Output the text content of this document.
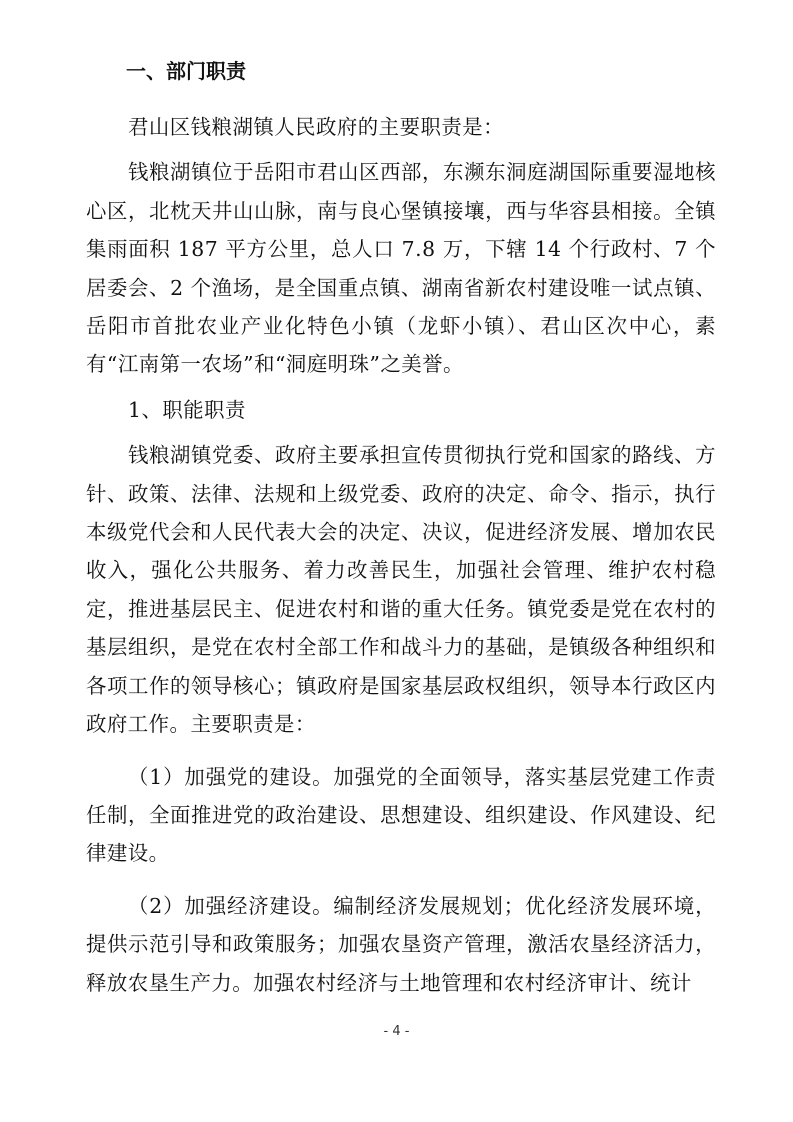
一、部门职责

君山区钱粮湖镇人民政府的主要职责是：

钱粮湖镇位于岳阳市君山区西部，东濒东洞庭湖国际重要湿地核心区，北枕天井山山脉，南与良心堡镇接壤，西与华容县相接。全镇集雨面积 187 平方公里，总人口 7.8 万，下辖 14 个行政村、7 个居委会、2 个渔场，是全国重点镇、湖南省新农村建设唯一试点镇、岳阳市首批农业产业化特色小镇（龙虾小镇）、君山区次中心，素有“江南第一农场”和“洞庭明珠”之美誉。

1、职能职责

钱粮湖镇党委、政府主要承担宣传贯彻执行党和国家的路线、方针、政策、法律、法规和上级党委、政府的决定、命令、指示，执行本级党代会和人民代表大会的决定、决议，促进经济发展、增加农民收入，强化公共服务、着力改善民生，加强社会管理、维护农村稳定，推进基层民主、促进农村和谐的重大任务。镇党委是党在农村的基层组织，是党在农村全部工作和战斗力的基础，是镇级各种组织和各项工作的领导核心；镇政府是国家基层政权组织，领导本行政区内政府工作。主要职责是：

（1）加强党的建设。加强党的全面领导，落实基层党建工作责任制，全面推进党的政治建设、思想建设、组织建设、作风建设、纪律建设。

（2）加强经济建设。编制经济发展规划；优化经济发展环境，提供示范引导和政策服务；加强农垦资产管理，激活农垦经济活力，释放农垦生产力。加强农村经济与土地管理和农村经济审计、统计

- 4 -
